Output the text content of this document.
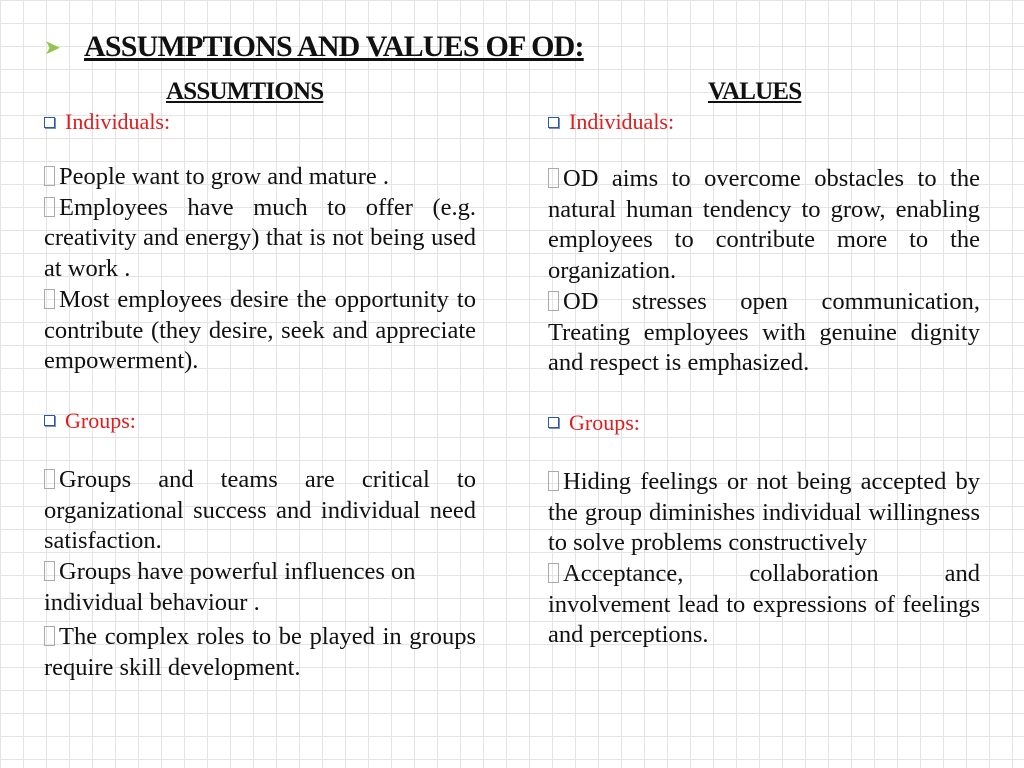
➤ ASSUMPTIONS AND VALUES OF OD:
ASSUMTIONS
Individuals:

People want to grow and mature .

Employees have much to offer (e.g. creativity and energy) that is not being used at work .

Most employees desire the opportunity to contribute (they desire, seek and appreciate empowerment).

Groups:

Groups and teams are critical to organizational success and individual need satisfaction.

Groups have powerful influences on individual behaviour .

The complex roles to be played in groups require skill development.

VALUES
Individuals:

OD aims to overcome obstacles to the natural human tendency to grow, enabling employees to contribute more to the organization.

OD stresses open communication, Treating employees with genuine dignity and respect is emphasized.

Groups:

Hiding feelings or not being accepted by the group diminishes individual willingness to solve problems constructively

Acceptance, collaboration and involvement lead to expressions of feelings and perceptions.
